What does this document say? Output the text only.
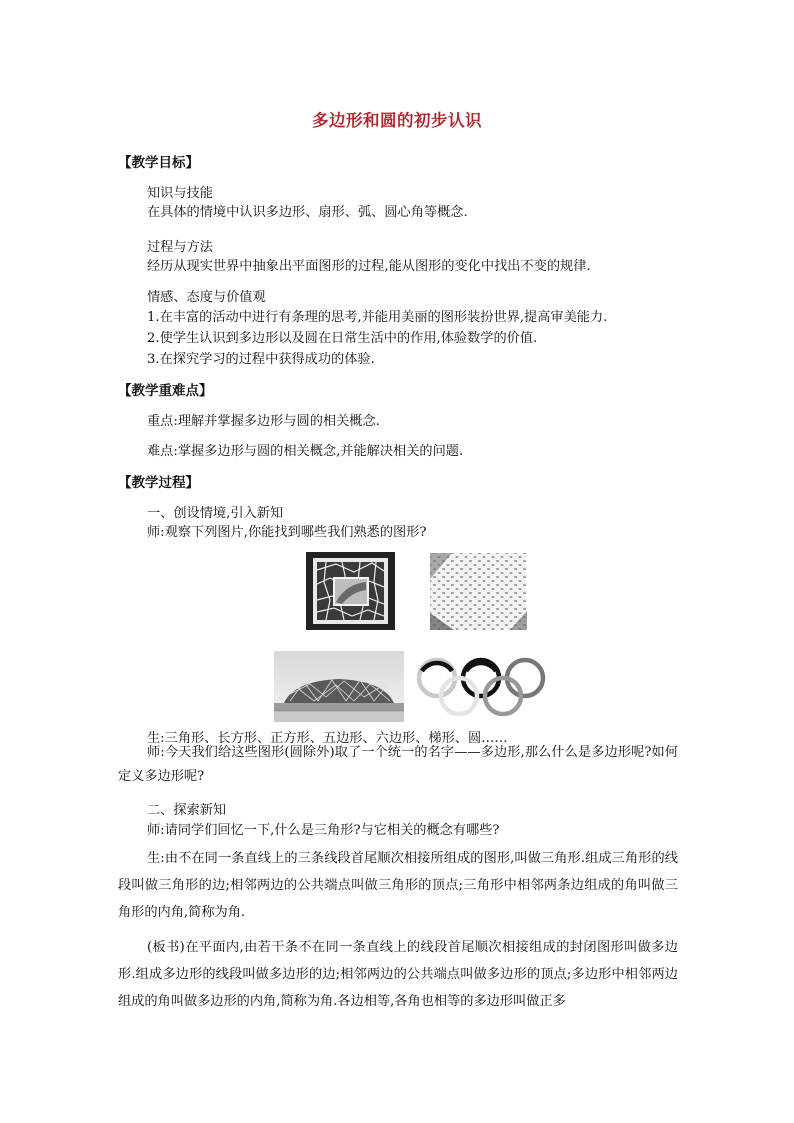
多边形和圆的初步认识
【教学目标】
知识与技能
在具体的情境中认识多边形、扇形、弧、圆心角等概念.
过程与方法
经历从现实世界中抽象出平面图形的过程,能从图形的变化中找出不变的规律.
情感、态度与价值观
1.在丰富的活动中进行有条理的思考,并能用美丽的图形装扮世界,提高审美能力.
2.使学生认识到多边形以及圆在日常生活中的作用,体验数学的价值.
3.在探究学习的过程中获得成功的体验.
【教学重难点】
重点:理解并掌握多边形与圆的相关概念.
难点:掌握多边形与圆的相关概念,并能解决相关的问题.
【教学过程】
一、创设情境,引入新知
师:观察下列图片,你能找到哪些我们熟悉的图形?
生:三角形、长方形、正方形、五边形、六边形、梯形、圆……
师:今天我们给这些图形(圆除外)取了一个统一的名字——多边形,那么什么是多边形呢?如何定义多边形呢?
二、探索新知
师:请同学们回忆一下,什么是三角形?与它相关的概念有哪些?
生:由不在同一条直线上的三条线段首尾顺次相接所组成的图形,叫做三角形.组成三角形的线段叫做三角形的边;相邻两边的公共端点叫做三角形的顶点;三角形中相邻两条边组成的角叫做三角形的内角,简称为角.
(板书)在平面内,由若干条不在同一条直线上的线段首尾顺次相接组成的封闭图形叫做多边形.组成多边形的线段叫做多边形的边;相邻两边的公共端点叫做多边形的顶点;多边形中相邻两边组成的角叫做多边形的内角,简称为角.各边相等,各角也相等的多边形叫做正多
